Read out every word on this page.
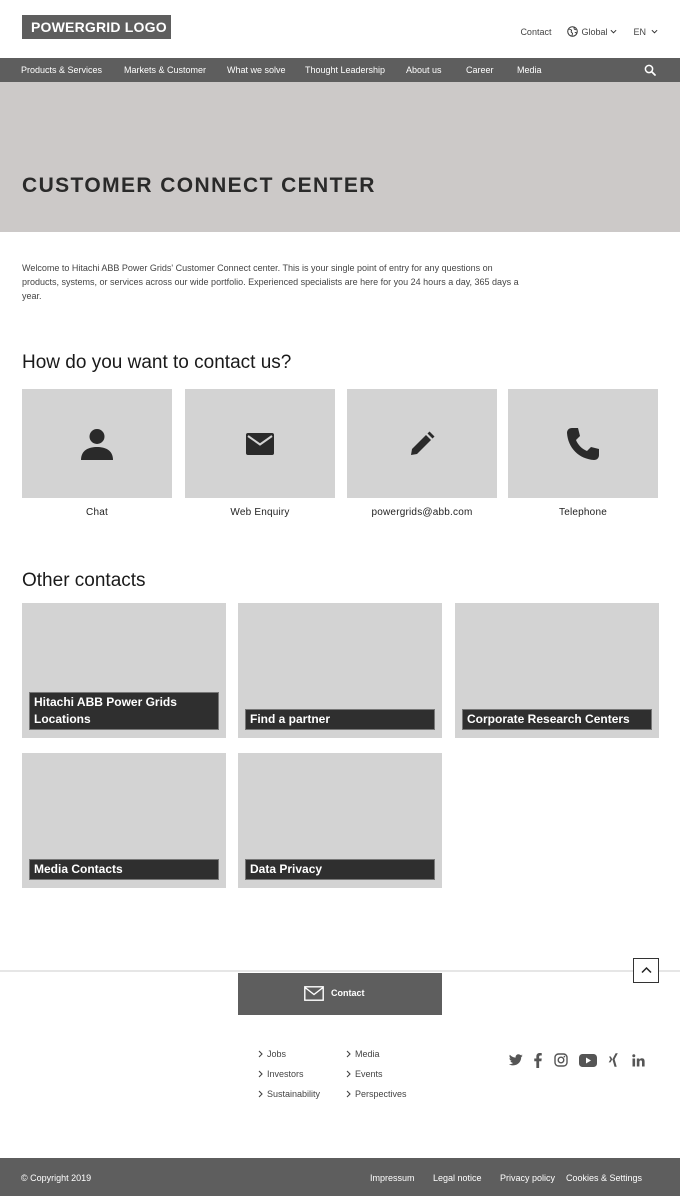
POWERGRID LOGO	Contact	Global	EN
Products & Services Markets & Customer What we solve Thought Leadership About us	Career	Media
CUSTOMER CONNECT CENTER

Welcome to Hitachi ABB Power Grids' Customer Connect center. This is your single point of entry for any questions on products, systems, or services across our wide portfolio. Experienced specialists are here for you 24 hours a day, 365 days a year.

How do you want to contact us?
Chat	Web Enquiry	powergrids@abb.com	Telephone
Other contacts
Hitachi ABB Power Grids Locations	Find a partner	Corporate Research Centers
Media Contacts	Data Privacy
Contact
Jobs
Investors
Sustainability
Media
Events
Perspectives
© Copyright 2019	Impressum Legal notice Privacy policy Cookies & Settings
